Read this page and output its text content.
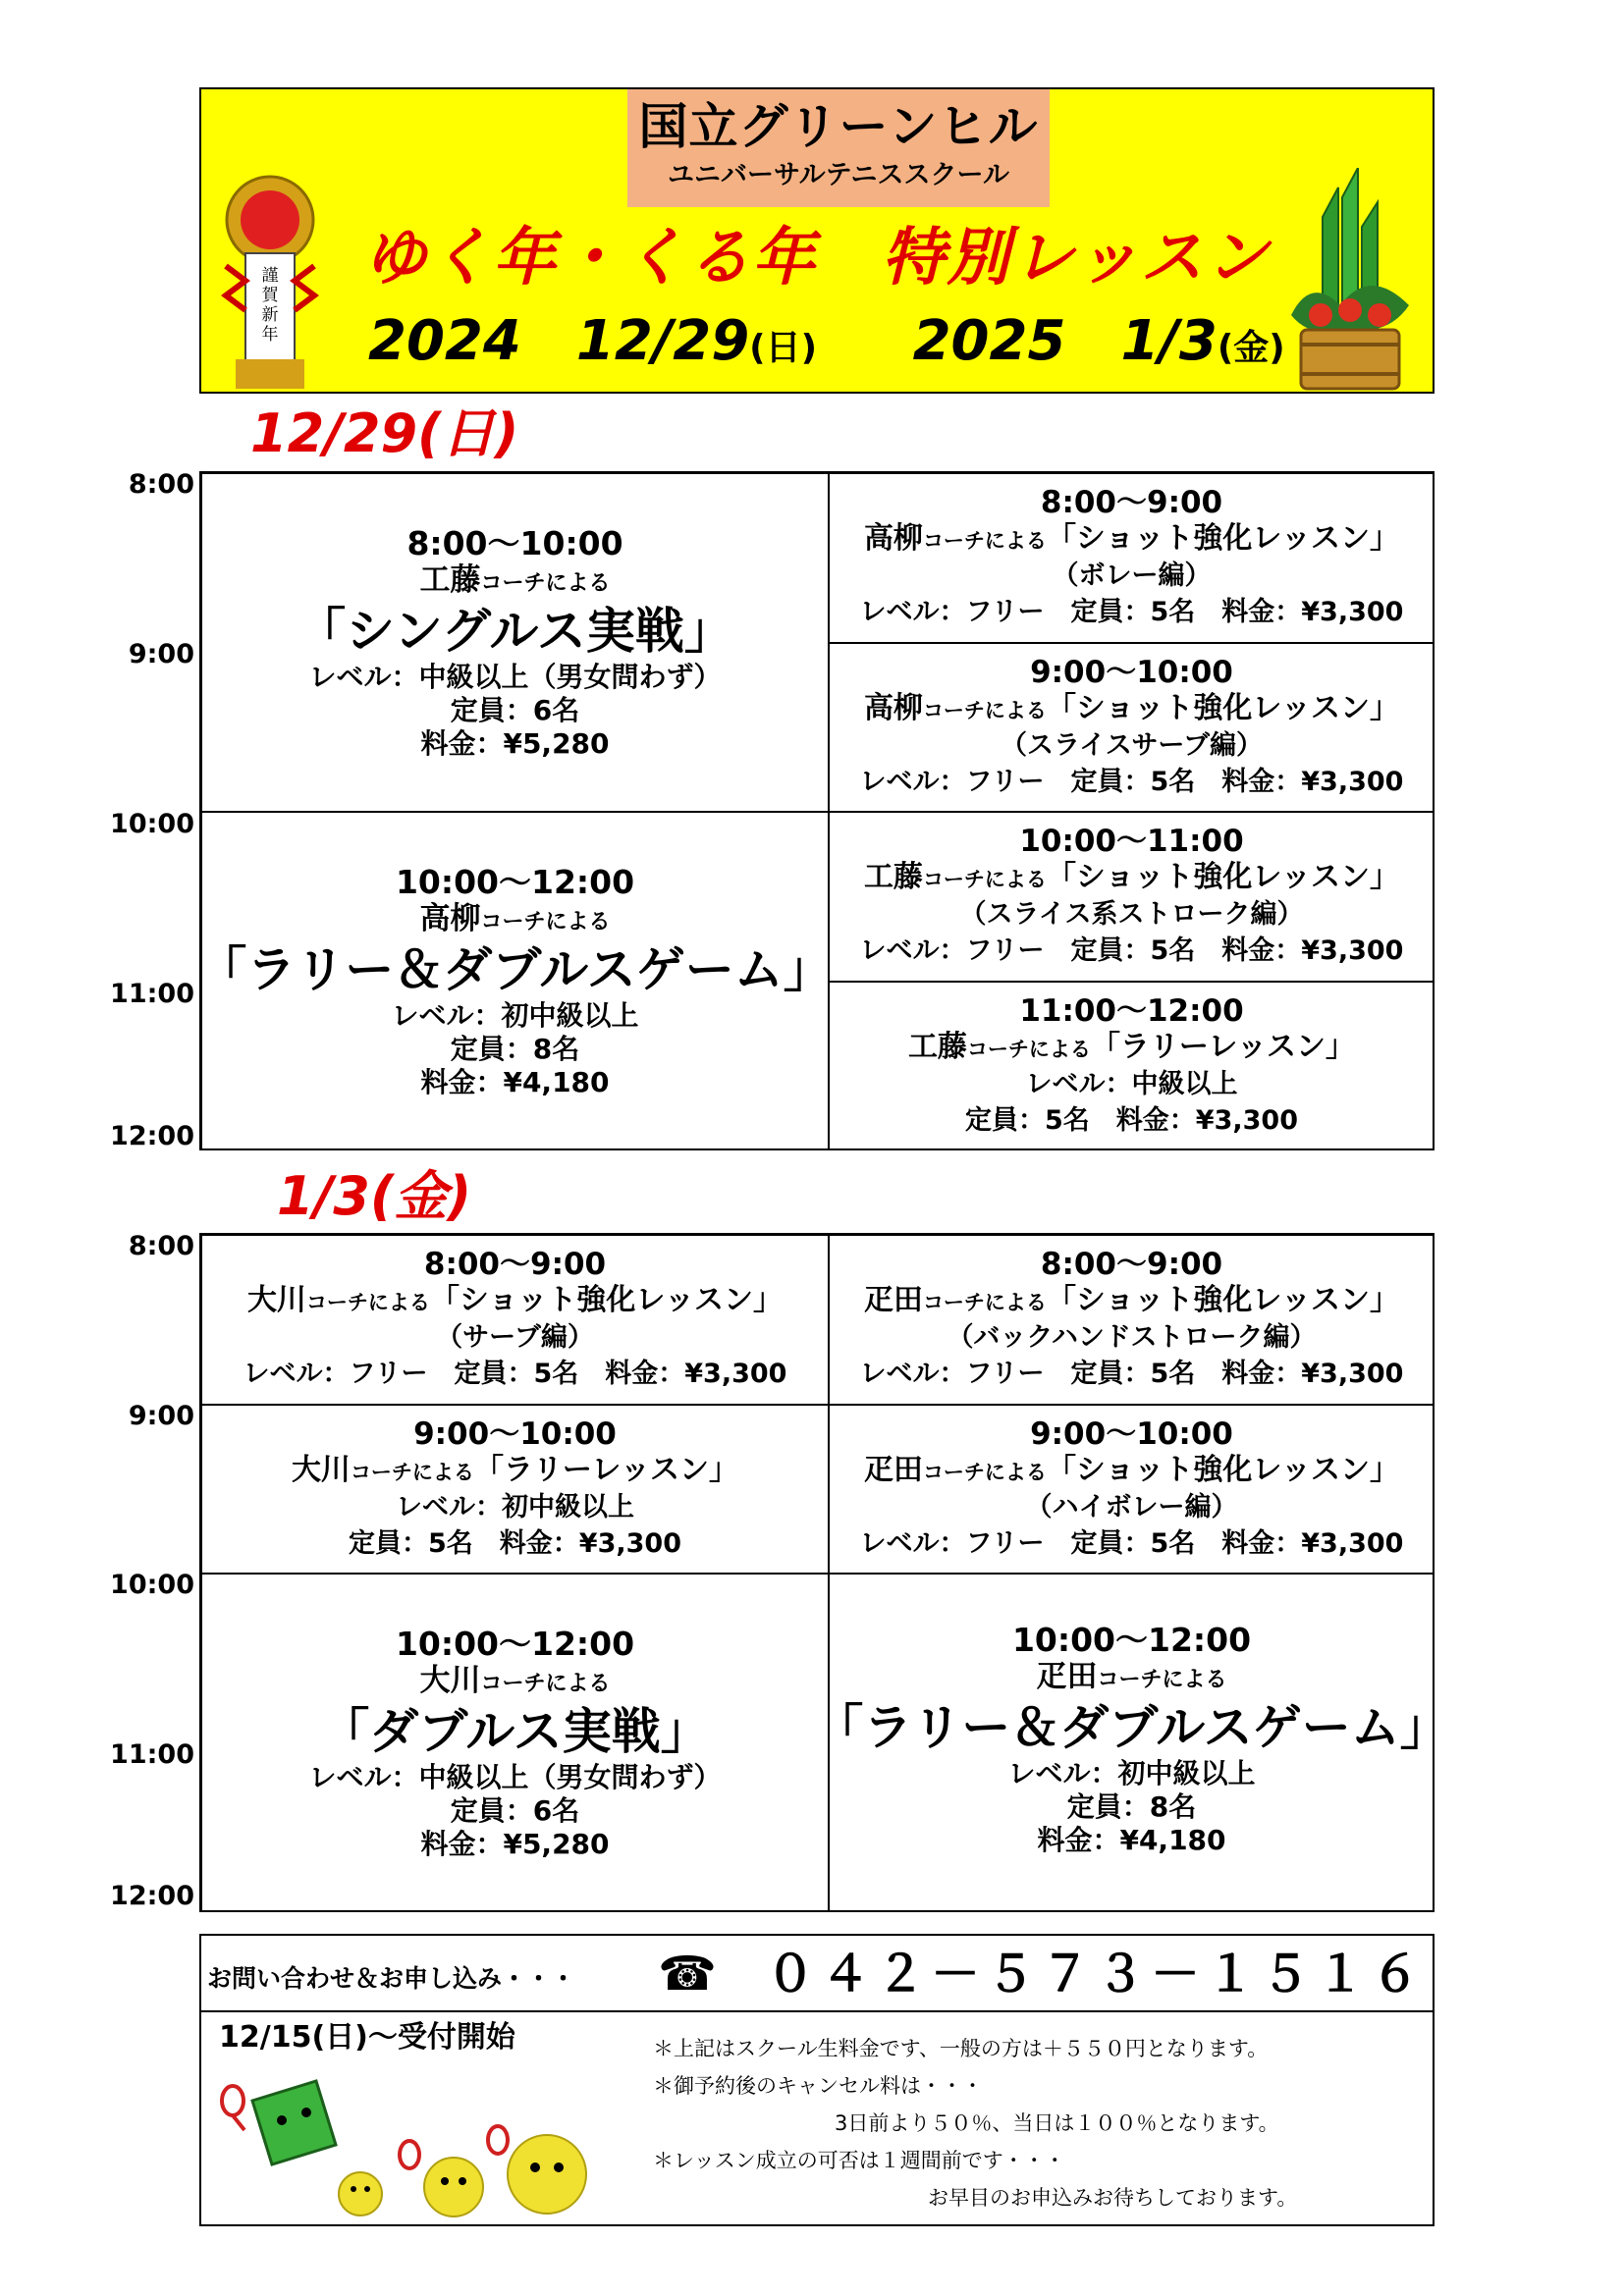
国立グリーンヒル
ユニバーサルテニススクール
謹賀新年
ゆく年・くる年　特別レッスン
2024　12/29(日) 2025　1/3(金)
12/29(日)
8:00
9:00
10:00
11:00
12:00
8:00～10:00
工藤コーチによる
「シングルス実戦」
レベル：中級以上（男女問わず）
定員：6名
料金：¥5,280
8:00～9:00
高柳コーチによる「ショット強化レッスン」
（ボレー編）
レベル：フリー　定員：5名　料金：¥3,300
9:00～10:00
高柳コーチによる「ショット強化レッスン」
（スライスサーブ編）
レベル：フリー　定員：5名　料金：¥3,300
10:00～12:00
高柳コーチによる
「ラリー＆ダブルスゲーム」
レベル：初中級以上
定員：8名
料金：¥4,180
10:00～11:00
工藤コーチによる「ショット強化レッスン」
（スライス系ストローク編）
レベル：フリー　定員：5名　料金：¥3,300
11:00～12:00
工藤コーチによる「ラリーレッスン」
レベル：中級以上
定員：5名　料金：¥3,300
1/3(金)
8:00
9:00
10:00
11:00
12:00
8:00～9:00
大川コーチによる「ショット強化レッスン」
（サーブ編）
レベル：フリー　定員：5名　料金：¥3,300
8:00～9:00
疋田コーチによる「ショット強化レッスン」
（バックハンドストローク編）
レベル：フリー　定員：5名　料金：¥3,300
9:00～10:00
大川コーチによる「ラリーレッスン」
レベル：初中級以上
定員：5名　料金：¥3,300
9:00～10:00
疋田コーチによる「ショット強化レッスン」
（ハイボレー編）
レベル：フリー　定員：5名　料金：¥3,300
10:00～12:00
大川コーチによる
「ダブルス実戦」
レベル：中級以上（男女問わず）
定員：6名
料金：¥5,280
10:00～12:00
疋田コーチによる
「ラリー＆ダブルスゲーム」
レベル：初中級以上
定員：8名
料金：¥4,180
お問い合わせ＆お申し込み・・・ ☎ ０４２－５７３－１５１６
12/15(日)～受付開始	＊上記はスクール生料金です、一般の方は＋５５０円となります。
＊御予約後のキャンセル料は・・・
3日前より５０％、当日は１００％となります。
＊レッスン成立の可否は１週間前です・・・
お早目のお申込みお待ちしております。
